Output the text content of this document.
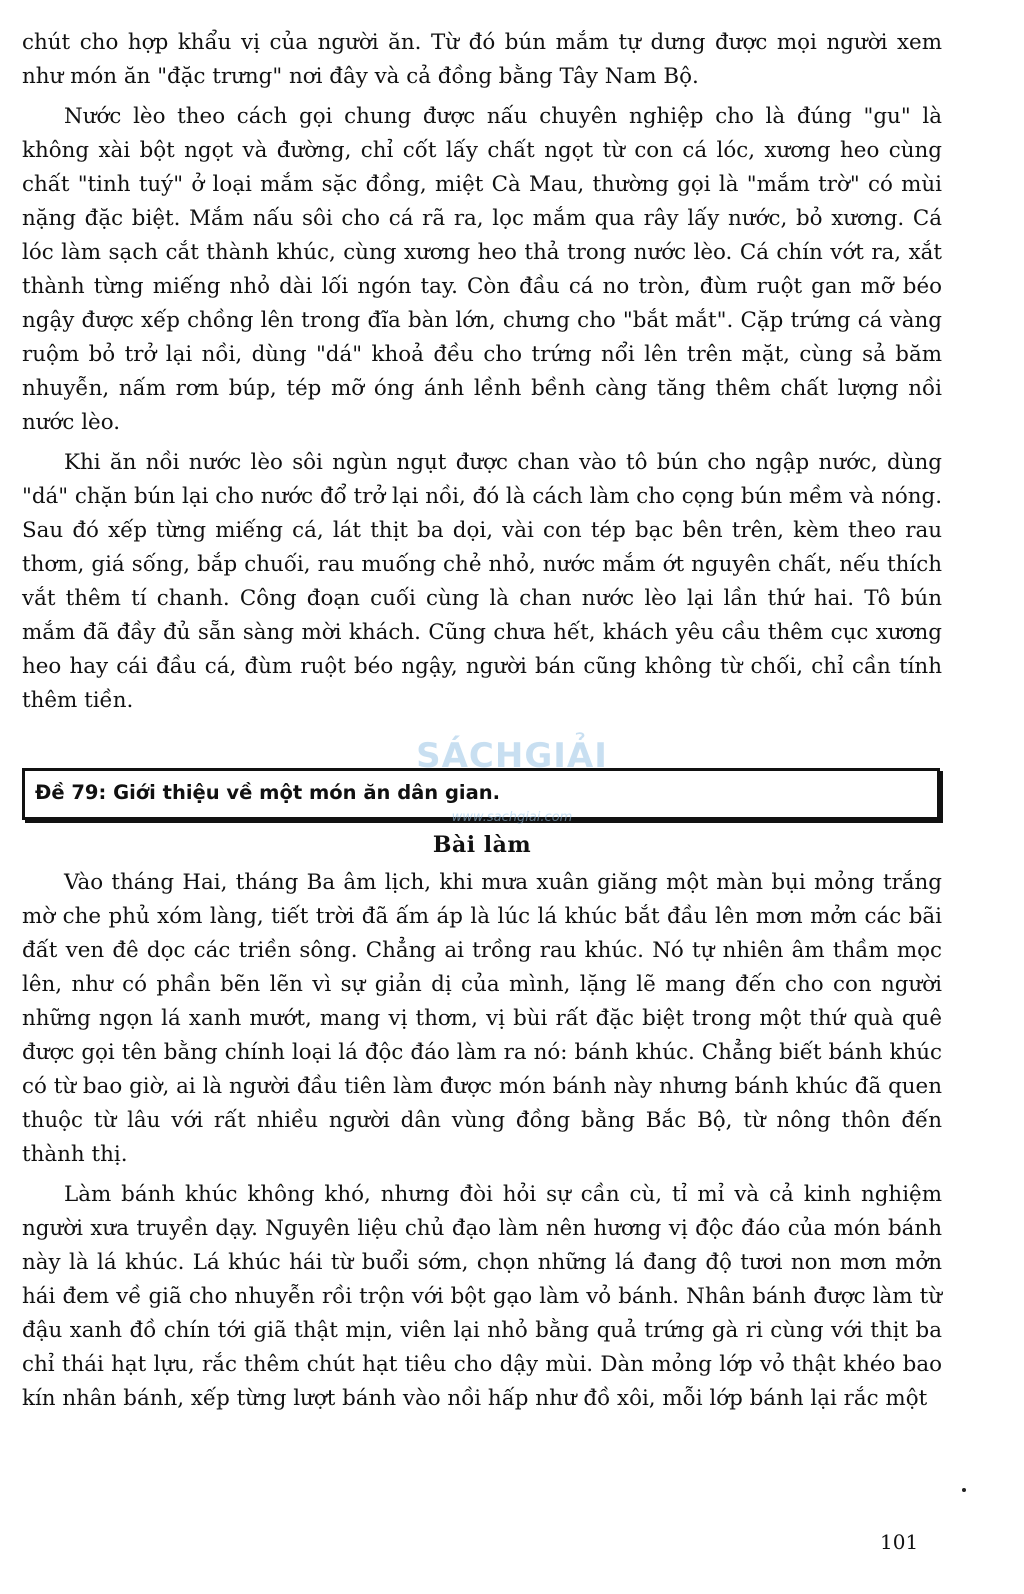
chút cho hợp khẩu vị của người ăn. Từ đó bún mắm tự dưng được mọi người xem như món ăn "đặc trưng" nơi đây và cả đồng bằng Tây Nam Bộ.

Nước lèo theo cách gọi chung được nấu chuyên nghiệp cho là đúng "gu" là không xài bột ngọt và đường, chỉ cốt lấy chất ngọt từ con cá lóc, xương heo cùng chất "tinh tuý" ở loại mắm sặc đồng, miệt Cà Mau, thường gọi là "mắm trờ" có mùi nặng đặc biệt. Mắm nấu sôi cho cá rã ra, lọc mắm qua rây lấy nước, bỏ xương. Cá lóc làm sạch cắt thành khúc, cùng xương heo thả trong nước lèo. Cá chín vớt ra, xắt thành từng miếng nhỏ dài lối ngón tay. Còn đầu cá no tròn, đùm ruột gan mỡ béo ngậy được xếp chồng lên trong đĩa bàn lớn, chưng cho "bắt mắt". Cặp trứng cá vàng ruộm bỏ trở lại nồi, dùng "dá" khoả đều cho trứng nổi lên trên mặt, cùng sả băm nhuyễn, nấm rơm búp, tép mỡ óng ánh lềnh bềnh càng tăng thêm chất lượng nồi nước lèo.

Khi ăn nồi nước lèo sôi ngùn ngụt được chan vào tô bún cho ngập nước, dùng "dá" chặn bún lại cho nước đổ trở lại nồi, đó là cách làm cho cọng bún mềm và nóng. Sau đó xếp từng miếng cá, lát thịt ba dọi, vài con tép bạc bên trên, kèm theo rau thơm, giá sống, bắp chuối, rau muống chẻ nhỏ, nước mắm ớt nguyên chất, nếu thích vắt thêm tí chanh. Công đoạn cuối cùng là chan nước lèo lại lần thứ hai. Tô bún mắm đã đầy đủ sẵn sàng mời khách. Cũng chưa hết, khách yêu cầu thêm cục xương heo hay cái đầu cá, đùm ruột béo ngậy, người bán cũng không từ chối, chỉ cần tính thêm tiền.

Đề 79: Giới thiệu về một món ăn dân gian.
Bài làm

Vào tháng Hai, tháng Ba âm lịch, khi mưa xuân giăng một màn bụi mỏng trắng mờ che phủ xóm làng, tiết trời đã ấm áp là lúc lá khúc bắt đầu lên mơn mởn các bãi đất ven đê dọc các triền sông. Chẳng ai trồng rau khúc. Nó tự nhiên âm thầm mọc lên, như có phần bẽn lẽn vì sự giản dị của mình, lặng lẽ mang đến cho con người những ngọn lá xanh mướt, mang vị thơm, vị bùi rất đặc biệt trong một thứ quà quê được gọi tên bằng chính loại lá độc đáo làm ra nó: bánh khúc. Chẳng biết bánh khúc có từ bao giờ, ai là người đầu tiên làm được món bánh này nhưng bánh khúc đã quen thuộc từ lâu với rất nhiều người dân vùng đồng bằng Bắc Bộ, từ nông thôn đến thành thị.

Làm bánh khúc không khó, nhưng đòi hỏi sự cần cù, tỉ mỉ và cả kinh nghiệm người xưa truyền dạy. Nguyên liệu chủ đạo làm nên hương vị độc đáo của món bánh này là lá khúc. Lá khúc hái từ buổi sớm, chọn những lá đang độ tươi non mơn mởn hái đem về giã cho nhuyễn rồi trộn với bột gạo làm vỏ bánh. Nhân bánh được làm từ đậu xanh đồ chín tới giã thật mịn, viên lại nhỏ bằng quả trứng gà ri cùng với thịt ba chỉ thái hạt lựu, rắc thêm chút hạt tiêu cho dậy mùi. Dàn mỏng lớp vỏ thật khéo bao kín nhân bánh, xếp từng lượt bánh vào nồi hấp như đồ xôi, mỗi lớp bánh lại rắc một

SÁCHGIẢI
www.sachgiai.com
101
